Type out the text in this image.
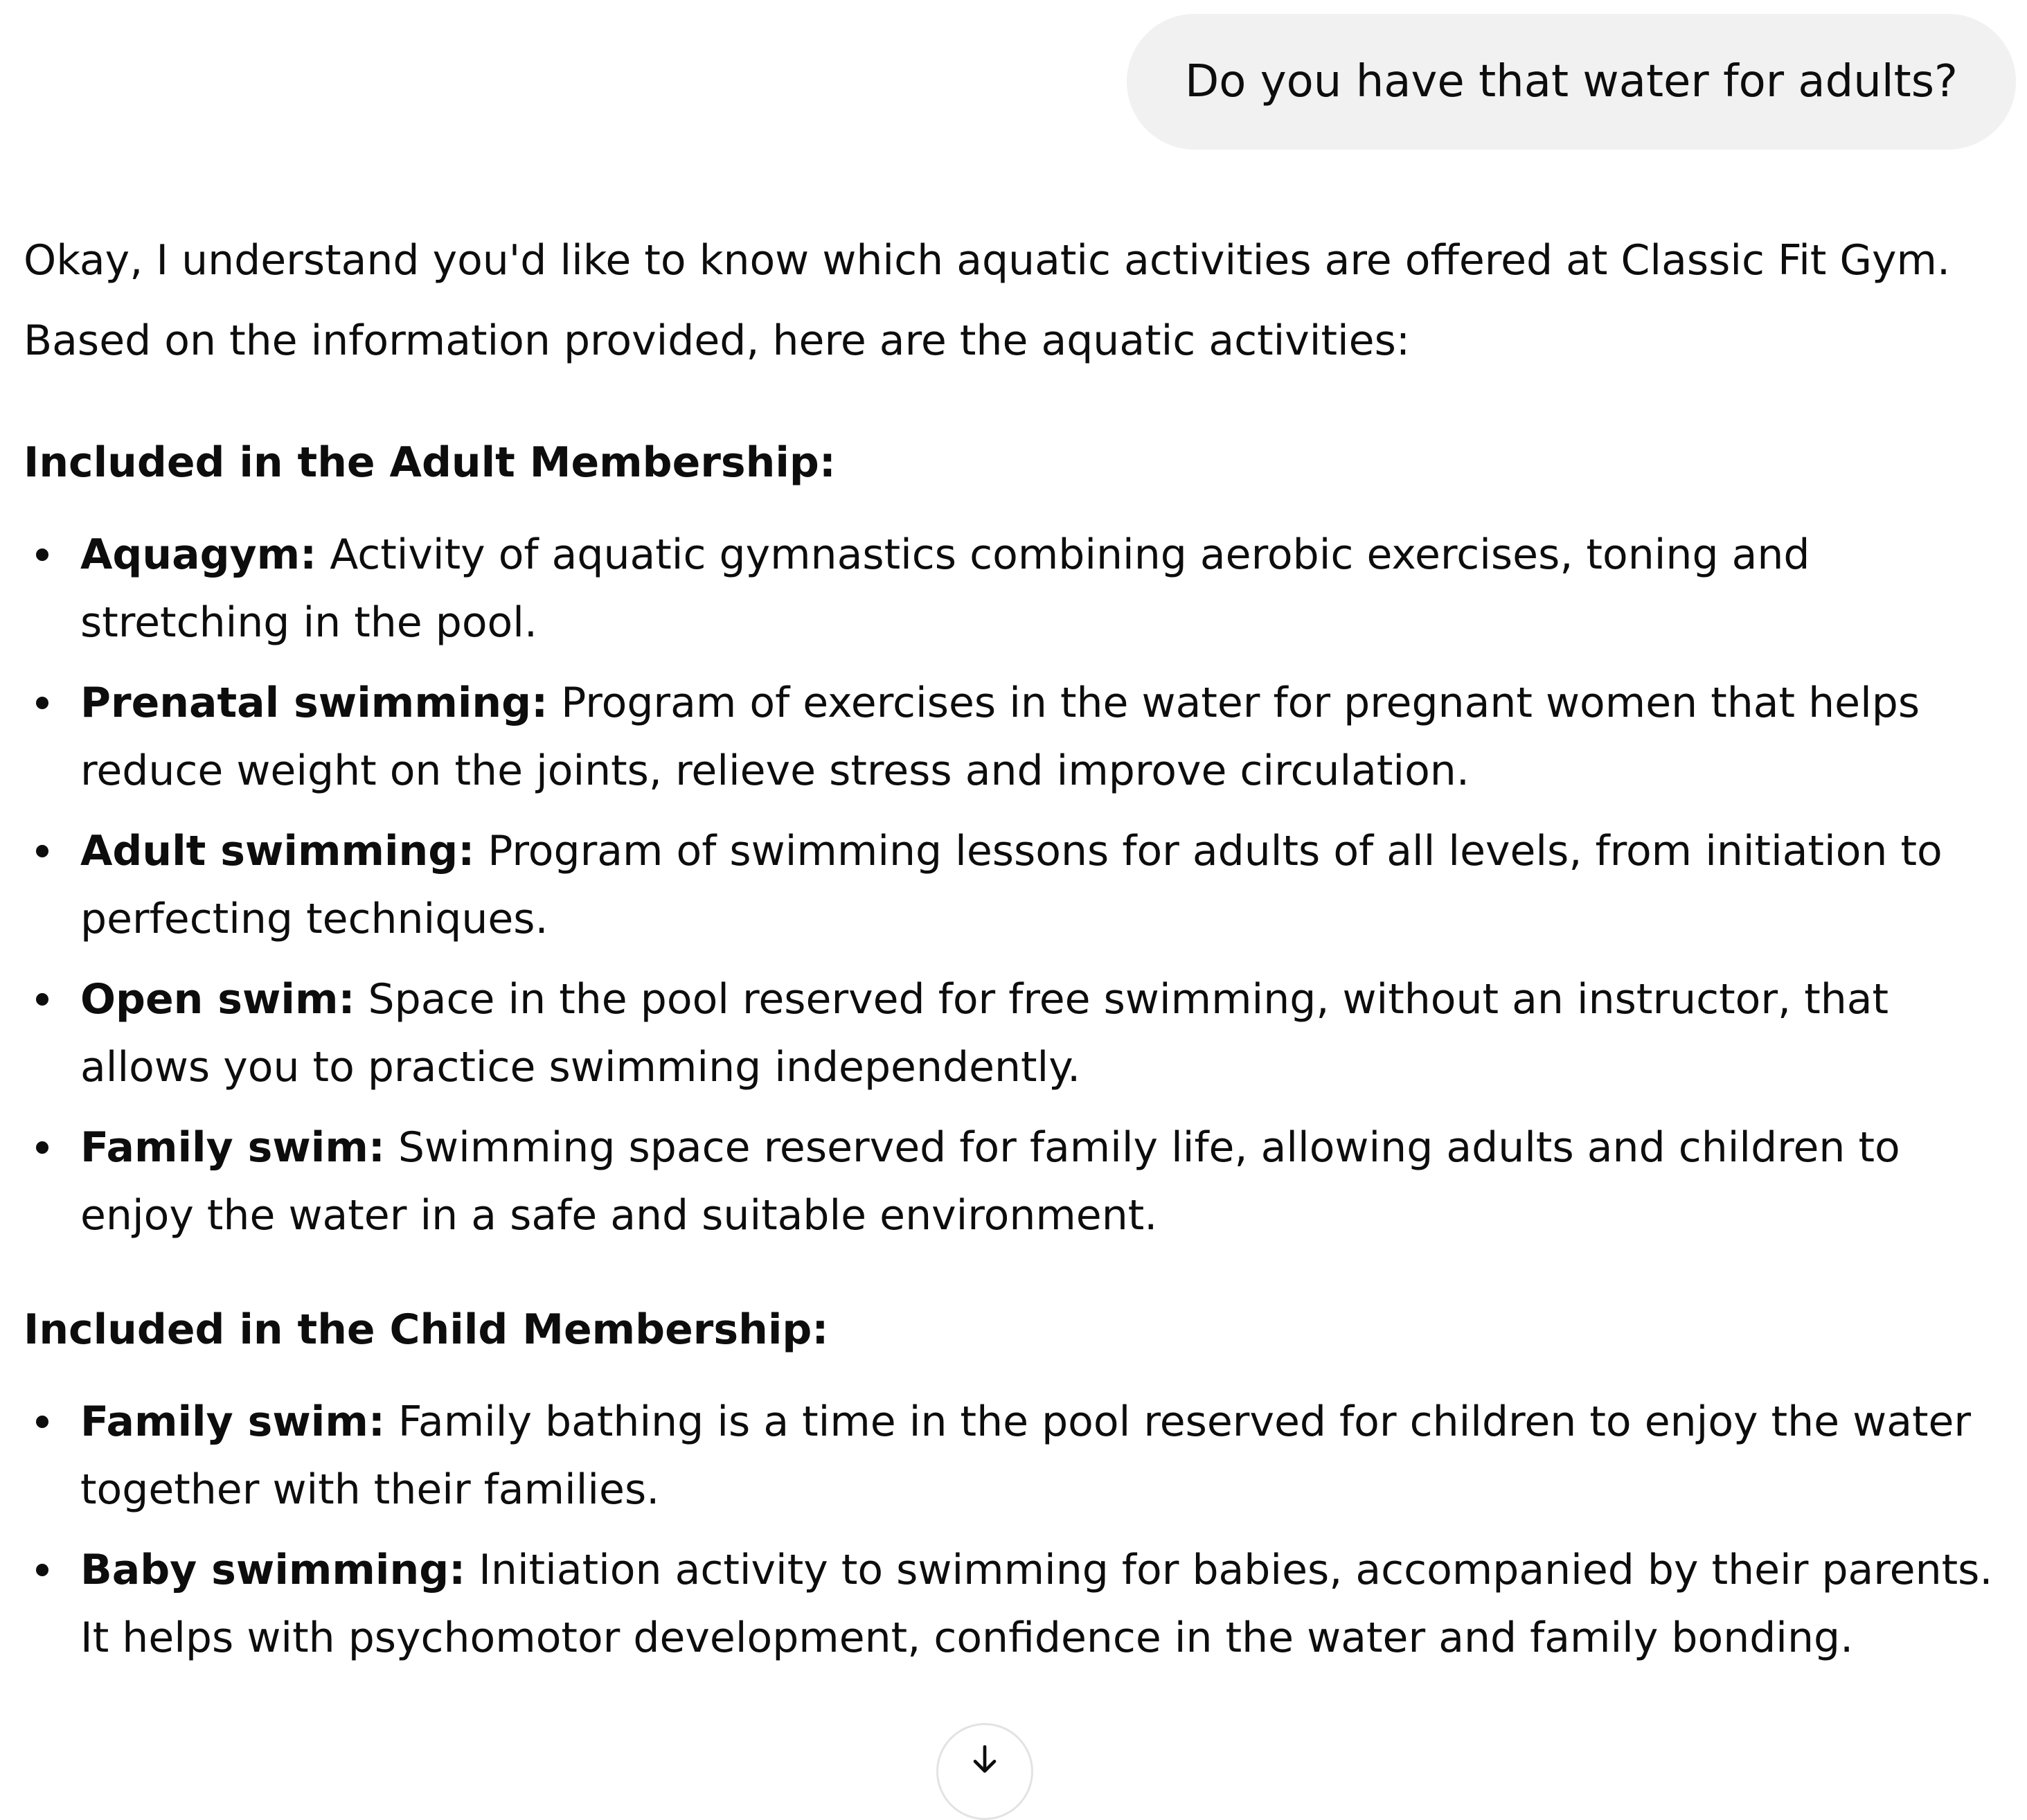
Do you have that water for adults?

Okay, I understand you'd like to know which aquatic activities are offered at Classic Fit Gym. Based on the information provided, here are the aquatic activities:

Included in the Adult Membership:

Aquagym: Activity of aquatic gymnastics combining aerobic exercises, toning and stretching in the pool.
Prenatal swimming: Program of exercises in the water for pregnant women that helps reduce weight on the joints, relieve stress and improve circulation.
Adult swimming: Program of swimming lessons for adults of all levels, from initiation to perfecting techniques.
Open swim: Space in the pool reserved for free swimming, without an instructor, that allows you to practice swimming independently.
Family swim: Swimming space reserved for family life, allowing adults and children to enjoy the water in a safe and suitable environment.

Included in the Child Membership:

Family swim: Family bathing is a time in the pool reserved for children to enjoy the water together with their families.
Baby swimming: Initiation activity to swimming for babies, accompanied by their parents. It helps with psychomotor development, confidence in the water and family bonding.
